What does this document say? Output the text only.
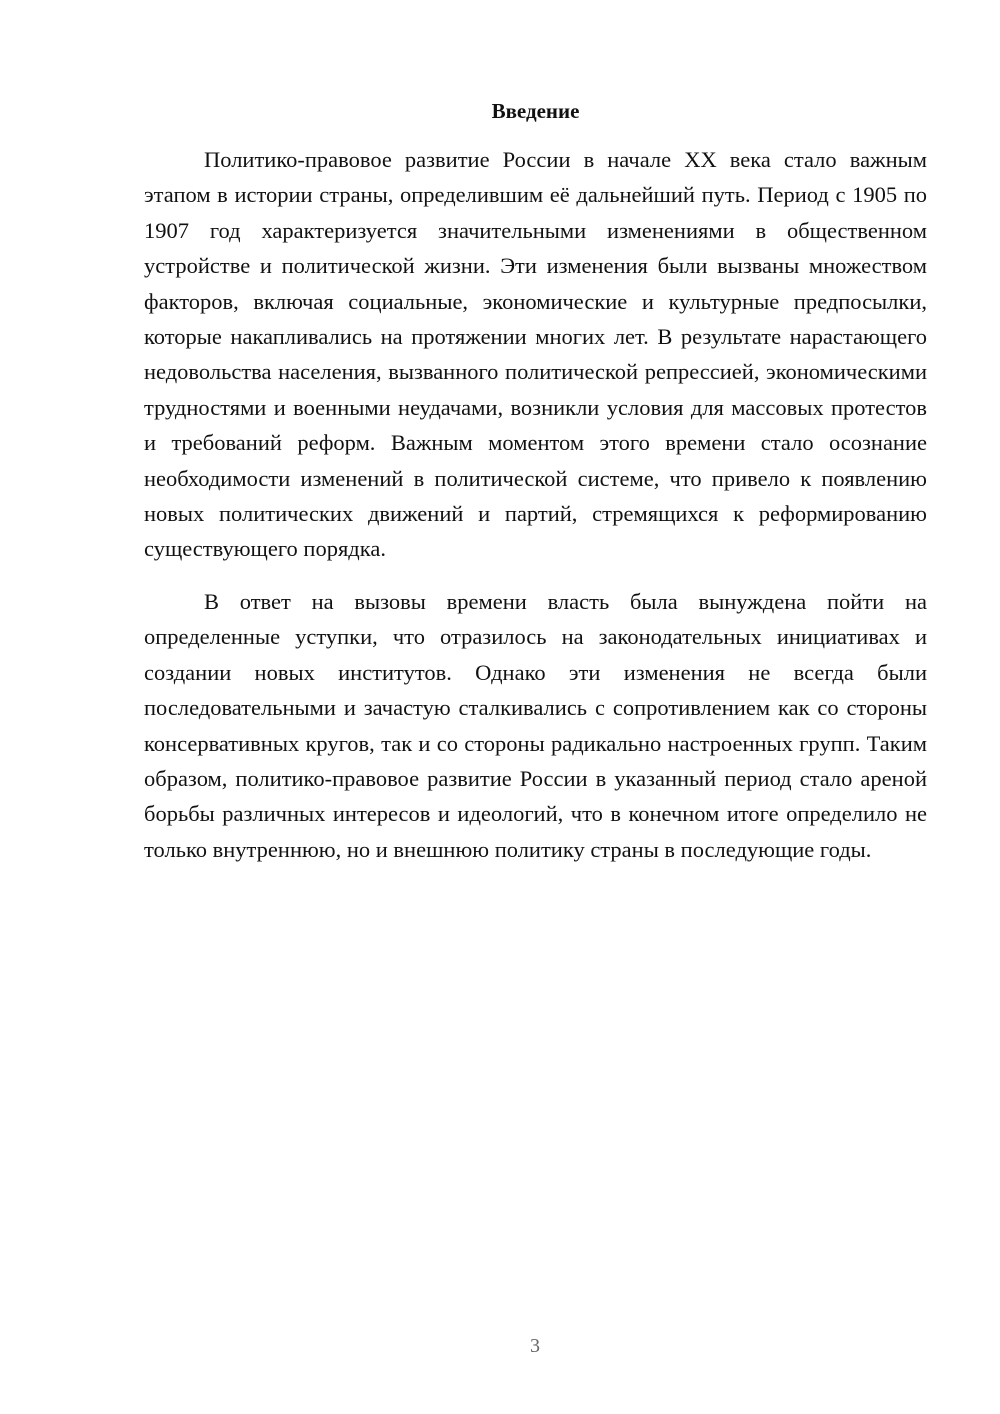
Введение

Политико-правовое развитие России в начале XX века стало важным этапом в истории страны, определившим её дальнейший путь. Период с 1905 по 1907 год характеризуется значительными изменениями в общественном устройстве и политической жизни. Эти изменения были вызваны множеством факторов, включая социальные, экономические и культурные предпосылки, которые накапливались на протяжении многих лет. В результате нарастающего недовольства населения, вызванного политической репрессией, экономическими трудностями и военными неудачами, возникли условия для массовых протестов и требований реформ. Важным моментом этого времени стало осознание необходимости изменений в политической системе, что привело к появлению новых политических движений и партий, стремящихся к реформированию существующего порядка.

В ответ на вызовы времени власть была вынуждена пойти на определенные уступки, что отразилось на законодательных инициативах и создании новых институтов. Однако эти изменения не всегда были последовательными и зачастую сталкивались с сопротивлением как со стороны консервативных кругов, так и со стороны радикально настроенных групп. Таким образом, политико-правовое развитие России в указанный период стало ареной борьбы различных интересов и идеологий, что в конечном итоге определило не только внутреннюю, но и внешнюю политику страны в последующие годы.

3
